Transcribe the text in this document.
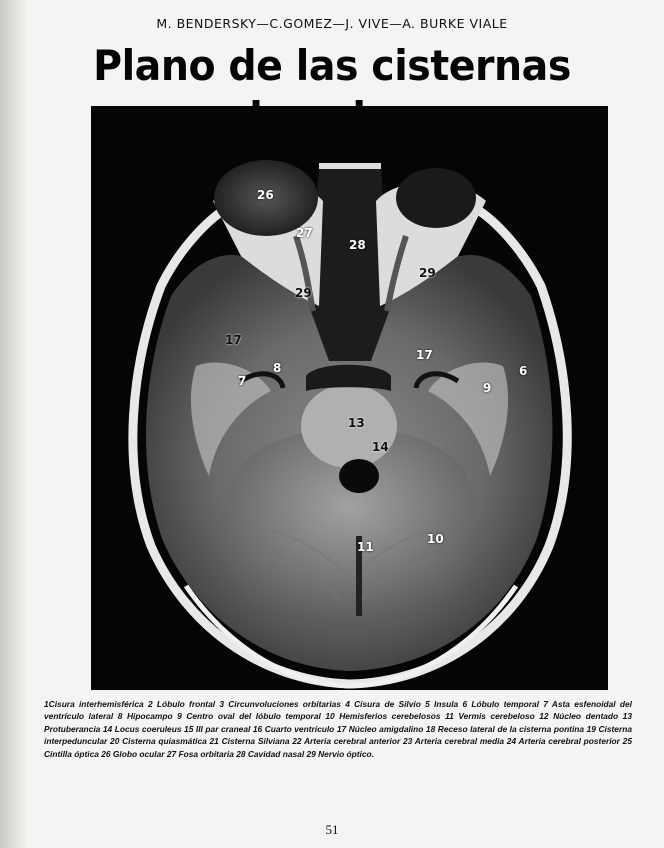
M. BENDERSKY—C.GOMEZ—J. VIVE—A. BURKE VIALE
Plano de las cisternas
26
27
28
29
29
17
17
8
7	9
6
13
14
10
11
1Cisura interhemisférica 2 Lóbulo frontal 3 Circunvoluciones orbitarias 4 Cisura de Silvio 5 Insula 6 Lóbulo temporal 7 Asta esfenoidal del ventrículo lateral 8 Hipocampo 9 Centro oval del lóbulo temporal 10 Hemisferios cerebelosos 11 Vermis cerebeloso 12 Núcleo dentado 13 Protuberancia 14 Locus coeruleus 15 III par craneal 16 Cuarto ventrículo 17 Núcleo amigdalino 18 Receso lateral de la cisterna pontina 19 Cisterna interpeduncular 20 Cisterna quiasmática 21 Cisterna Silviana 22 Arteria cerebral anterior 23 Arteria cerebral media 24 Arteria cerebral posterior 25 Cintilla óptica 26 Globo ocular 27 Fosa orbitaria 28 Cavidad nasal 29 Nervio óptico.
51
